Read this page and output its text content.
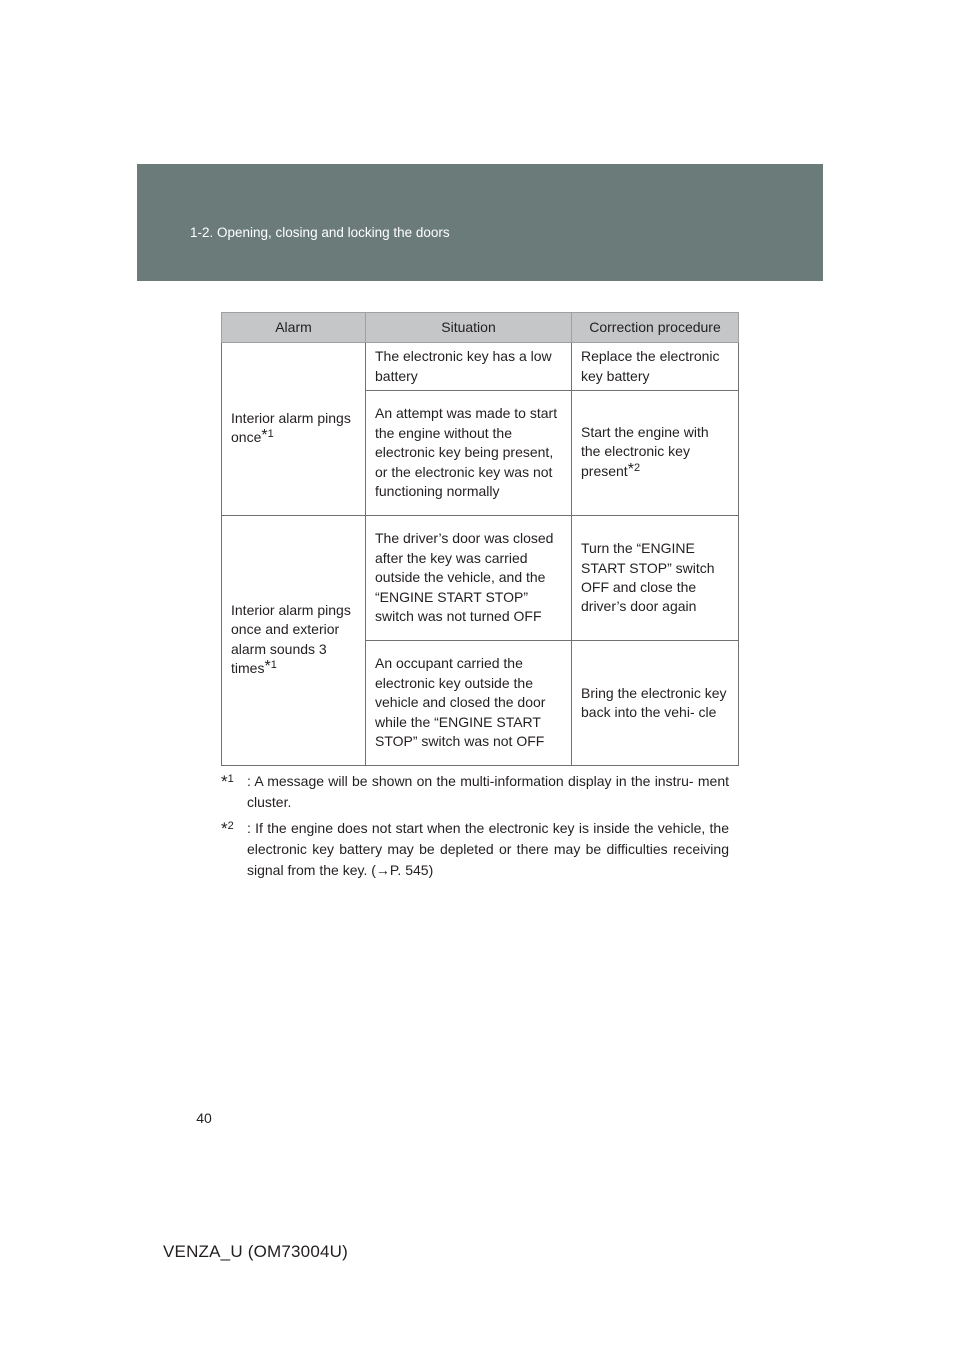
1-2. Opening, closing and locking the doors
Alarm	Situation	Correction procedure
Interior alarm pings once$^{*1}$	The electronic key has a low battery	Replace the electronic key battery
	An attempt was made to start the engine without the electronic key being present, or the electronic key was not functioning normally	Start the engine with the electronic key present$^{*2}$
Interior alarm pings once and exterior alarm sounds 3 times$^{*1}$	The driver’s door was closed after the key was carried outside the vehicle, and the “ENGINE START STOP” switch was not turned OFF	Turn the “ENGINE START STOP” switch OFF and close the driver’s door again
	An occupant carried the electronic key outside the vehicle and closed the door while the “ENGINE START STOP” switch was not OFF	Bring the electronic key back into the vehi- cle
*$^1$ : A message will be shown on the multi-information display in the instru- ment cluster.
*$^2$ : If the engine does not start when the electronic key is inside the vehicle, the electronic key battery may be depleted or there may be difficulties receiving signal from the key. (→P. 545)
40
VENZA_U (OM73004U)
